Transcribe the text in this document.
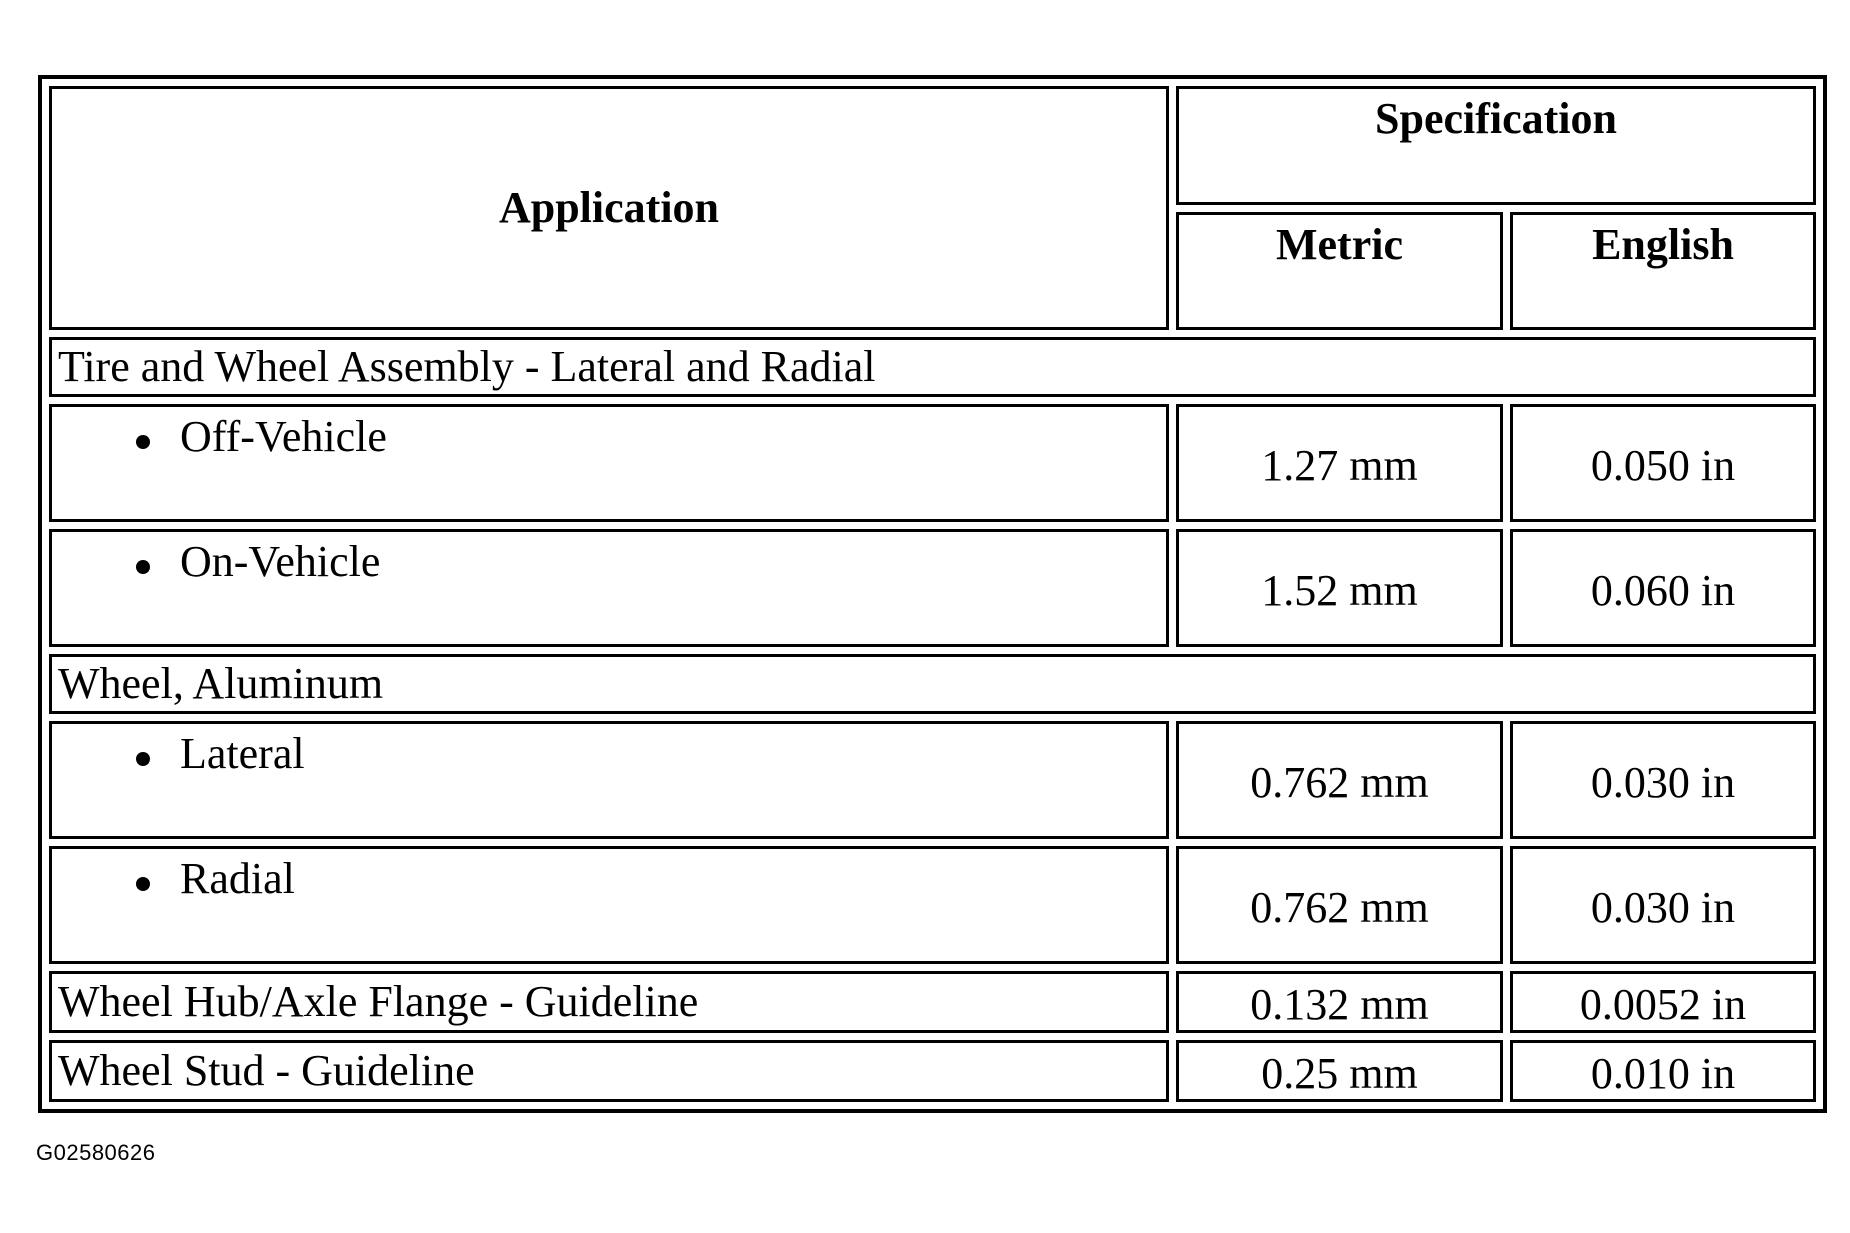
Application	Specification	
	Metric	English
Tire and Wheel Assembly - Lateral and Radial		

Off-Vehicle	1.27 mm	0.050 in

On-Vehicle	1.52 mm	0.060 in
Wheel, Aluminum		

Lateral	0.762 mm	0.030 in

Radial	0.762 mm	0.030 in
Wheel Hub/Axle Flange - Guideline	0.132 mm	0.0052 in
Wheel Stud - Guideline	0.25 mm	0.010 in
G02580626
